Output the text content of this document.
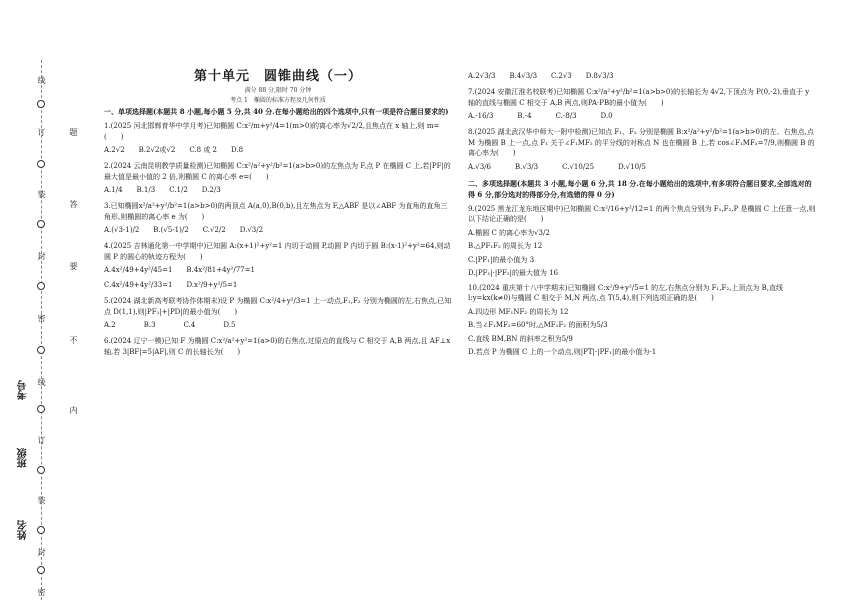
线
题
订
答
装
要
封
不
密
内
线
订
装
封
密
考号
班级
姓名

第十单元　圆锥曲线（一）

满分 88 分,限时 70 分钟

考点 1　椭圆的标准方程及几何性质

一、单项选择题(本题共 8 小题,每小题 5 分,共 40 分.在每小题给出的四个选项中,只有一项是符合题目要求的)

1.(2025 河北邯郸育华中学月考)已知椭圆 C:x²/m+y²/4=1(m>0)的离心率为√2/2,且焦点在 x 轴上,则 m=(　　)

A.2√2 B.2√2或√2 C.8 或 2 D.8

2.(2024 云南昆明教学质量检测)已知椭圆 C:x²/a²+y²/b²=1(a>b>0)的左焦点为 F,点 P 在椭圆 C 上,若|PF|的最大值是最小值的 2 倍,则椭圆 C 的离心率 e=(　　)

A.1/4 B.1/3 C.1/2 D.2/3

3.已知椭圆x²/a²+y²/b²=1(a>b>0)的两顶点 A(a,0),B(0,b),且左焦点为 F,△ABF 是以∠ABF 为直角的直角三角形,则椭圆的离心率 e 为(　　)

A.(√3-1)/2 B.(√5-1)/2 C.√2/2 D.√3/2

4.(2025 吉林通化第一中学期中)已知圆 A:(x+1)²+y²=1 内切于动圆 P,动圆 P 内切于圆 B:(x-1)²+y²=64,则动圆 P 的圆心的轨迹方程为(　　)

A.4x²/49+4y²/45=1 B.4x²/81+4y²/77=1
C.4x²/49+4y²/33=1 D.x²/9+y²/5=1

5.(2024 湖北新高考联考协作体期末)设 P 为椭圆 C:x²/4+y²/3=1 上一动点,F₁,F₂ 分别为椭圆的左,右焦点,已知点 D(1,1),则|PF₁|+|PD|的最小值为(　　)

A.2	B.3	C.4	D.5

6.(2024 辽宁一模)已知 F 为椭圆 C:x²/a²+y²=1(a>0)的右焦点,过原点的直线与 C 相交于 A,B 两点,且 AF⊥x 轴,若 3|BF|=5|AF|,则 C 的长轴长为(　　)

A.2√3/3 B.4√3/3 C.2√3 D.8√3/3

7.(2024 安徽江淮名校联考)已知椭圆 C:x²/a²+y²/b²=1(a>b>0)的长轴长为 4√2,下顶点为 P(0,-2),垂直于 y 轴的直线与椭圆 C 相交于 A,B 两点,则PA·PB的最小值为(　　)

A.-16/3	B.-4	C.-8/3	D.0

8.(2025 湖北武汉华中师大一附中检测)已知点 F₁、F₂ 分别是椭圆 B:x²/a²+y²/b²=1(a>b>0)的左、右焦点,点 M 为椭圆 B 上一点,点 F₁ 关于∠F₁MF₂ 的平分线的对称点 N 也在椭圆 B 上,若 cos∠F₁MF₂=7/9,则椭圆 B 的离心率为(　　)

A.√3/6	B.√3/3	C.√10/25	D.√10/5

二、多项选择题(本题共 3 小题,每小题 6 分,共 18 分.在每小题给出的选项中,有多项符合题目要求,全部选对的得 6 分,部分选对的得部分分,有选错的得 0 分)

9.(2025 黑龙江龙东地区期中)已知椭圆 C:x²/16+y²/12=1 的两个焦点分别为 F₁,F₂,P 是椭圆 C 上任意一点,则以下结论正确的是(　　)

A.椭圆 C 的离心率为√3/2

B.△PF₁F₂ 的周长为 12

C.|PF₁|的最小值为 3

D.|PF₁|·|PF₂|的最大值为 16

10.(2024 重庆第十八中学期末)已知椭圆 C:x²/9+y²/5=1 的左,右焦点分别为 F₁,F₂,上顶点为 B,直线 l:y=kx(k≠0)与椭圆 C 相交于 M,N 两点,点 T(5,4),则下列选项正确的是(　　)

A.四边形 MF₁NF₂ 的周长为 12

B.当∠F₁MF₂=60°时,△MF₁F₂ 的面积为5/3

C.直线 BM,BN 的斜率之积为5/9

D.若点 P 为椭圆 C 上的一个动点,则|PT|-|PF₁|的最小值为-1
